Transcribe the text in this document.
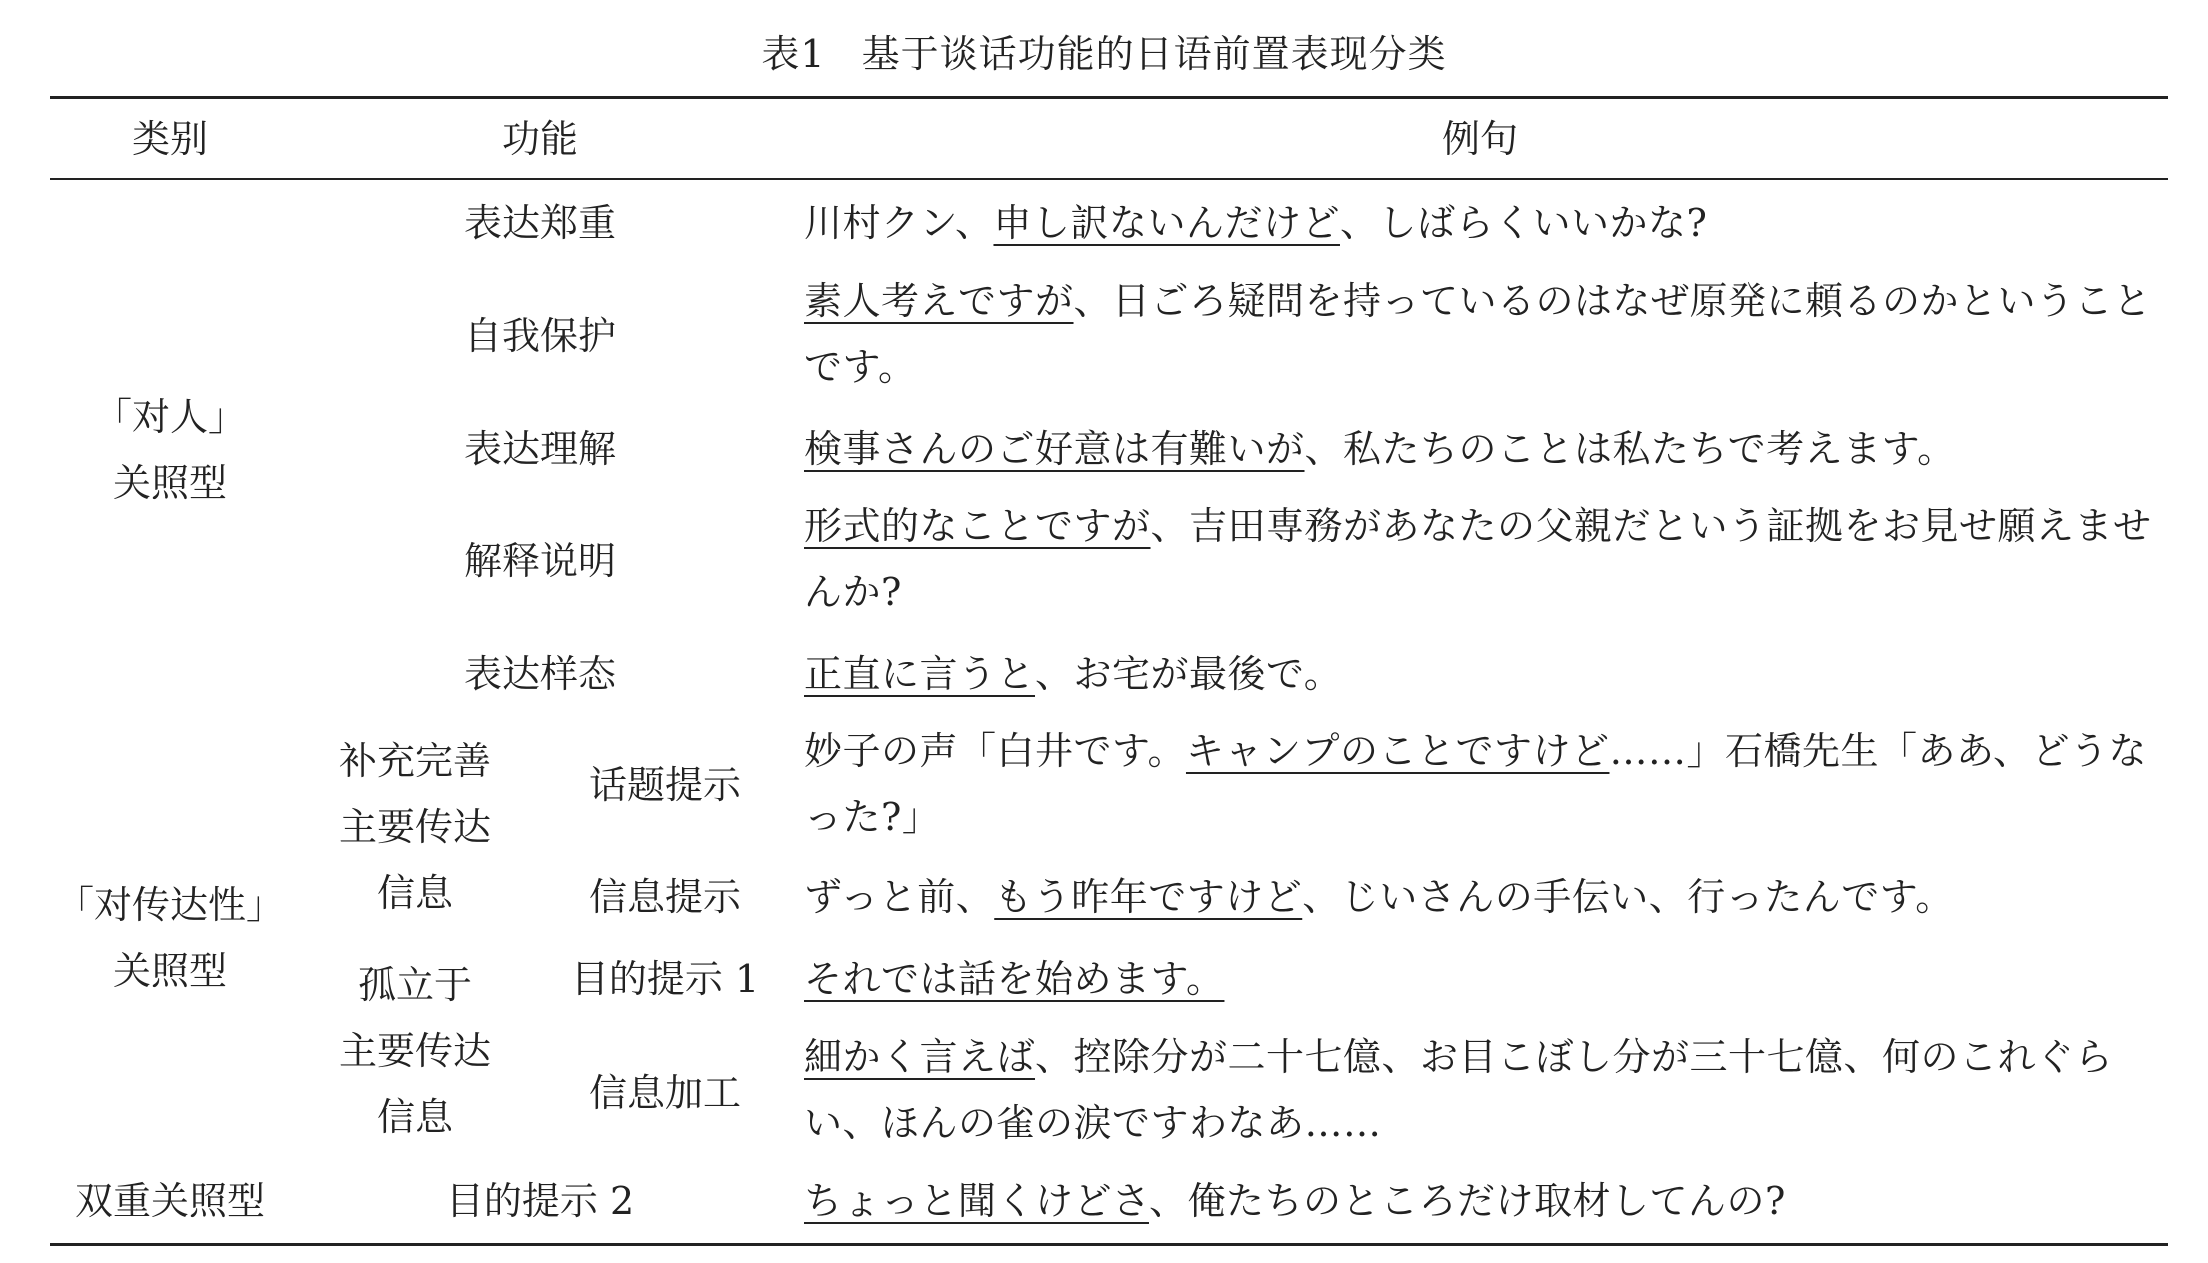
表1 基于谈话功能的日语前置表现分类
类别	功能	例句
「对人」
关照型
「对传达性」
关照型
双重关照型
补充完善
主要传达
信息
孤立于
主要传达
信息
表达郑重
自我保护
表达理解
解释说明
表达样态
话题提示
信息提示
目的提示 1
信息加工
目的提示 2
川村クン、申し訳ないんだけど、しばらくいいかな?
素人考えですが、日ごろ疑問を持っているのはなぜ原発に頼るのかということです。
検事さんのご好意は有難いが、私たちのことは私たちで考えます。
形式的なことですが、吉田専務があなたの父親だという証拠をお見せ願えませんか?
正直に言うと、お宅が最後で。
妙子の声「白井です。キャンプのことですけど……」石橋先生「ああ、どうなった?」
ずっと前、もう昨年ですけど、じいさんの手伝い、行ったんです。
それでは話を始めます。
細かく言えば、控除分が二十七億、お目こぼし分が三十七億、何のこれぐらい、ほんの雀の涙ですわなあ……
ちょっと聞くけどさ、俺たちのところだけ取材してんの?
